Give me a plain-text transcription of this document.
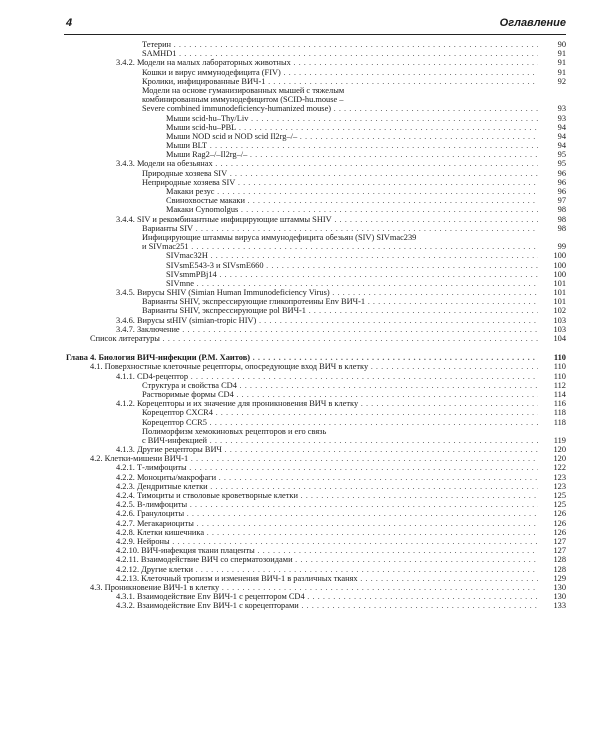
4	Оглавление
Тетерин . . .	90
SAMHD1 . . .	91
3.4.2. Модели на малых лабораторных животных . . .	91
Кошки и вирус иммунодефицита (FIV) . . .	91
Кролики, инфицированные ВИЧ-1 . . .	92
Модели на основе гуманизированных мышей с тяжелым
комбинированным иммунодефицитом (SCID-hu.mouse –
Severe combined immunodeficiency-humanized mouse) . . .	93
Мыши scid-hu–Thy/Liv . . .	93
Мыши scid-hu–PBL . . .	94
Мыши NOD scid и NOD scid Il2rg–/– . . .	94
Мыши BLT . . .	94
Мыши Rag2–/–Il2rg–/– . . .	95
3.4.3. Модели на обезьянах . . .	95
Природные хозяева SIV . . .	96
Неприродные хозяева SIV . . .	96
Макаки резус . . .	96
Свинохвостые макаки . . .	97
Макаки Cynomolgus . . .	98
3.4.4. SIV и рекомбинантные инфицирующие штаммы SHIV . . .	98
Варианты SIV . . .	98
Инфицирующие штаммы вируса иммунодефицита обезьян (SIV) SIVmac239
и SIVmac251 . . .	99
SIVmac32H . . .	100
SIVsmE543-3 и SIVsmE660 . . .	100
SIVsmmPBj14 . . .	100
SIVmne . . .	101
3.4.5. Вирусы SHIV (Simian Human Immunodeficiency Virus) . . .	101
Варианты SHIV, экспрессирующие гликопротеины Env ВИЧ-1 . . .	101
Варианты SHIV, экспрессирующие pol ВИЧ-1 . . .	102
3.4.6. Вирусы stHIV (simian-tropic HIV) . . .	103
3.4.7. Заключение . . .	103
Список литературы . . .	104
Глава 4. Биология ВИЧ-инфекции (Р.М. Хаитов) . . .	110
4.1. Поверхностные клеточные рецепторы, опосредующие вход ВИЧ в клетку . . .	110
4.1.1. CD4-рецептор . . .	110
Структура и свойства CD4 . . .	112
Растворимые формы CD4 . . .	114
4.1.2. Корецепторы и их значение для проникновения ВИЧ в клетку . . .	116
Корецептор CXCR4 . . .	118
Корецептор CCR5 . . .	118
Полиморфизм хемокиновых рецепторов и его связь
с ВИЧ-инфекцией . . .	119
4.1.3. Другие рецепторы ВИЧ . . .	120
4.2. Клетки-мишени ВИЧ-1 . . .	120
4.2.1. Т-лимфоциты . . .	122
4.2.2. Моноциты/макрофаги . . .	123
4.2.3. Дендритные клетки . . .	123
4.2.4. Тимоциты и стволовые кроветворные клетки . . .	125
4.2.5. В-лимфоциты . . .	125
4.2.6. Гранулоциты . . .	126
4.2.7. Мегакариоциты . . .	126
4.2.8. Клетки кишечника . . .	126
4.2.9. Нейроны . . .	127
4.2.10. ВИЧ-инфекция ткани плаценты . . .	127
4.2.11. Взаимодействие ВИЧ со сперматозоидами . . .	128
4.2.12. Другие клетки . . .	128
4.2.13. Клеточный тропизм и изменения ВИЧ-1 в различных тканях . . .	129
4.3. Проникновение ВИЧ-1 в клетку . . .	130
4.3.1. Взаимодействие Env ВИЧ-1 с рецептором CD4 . . .	130
4.3.2. Взаимодействие Env ВИЧ-1 с корецепторами . . .	133
